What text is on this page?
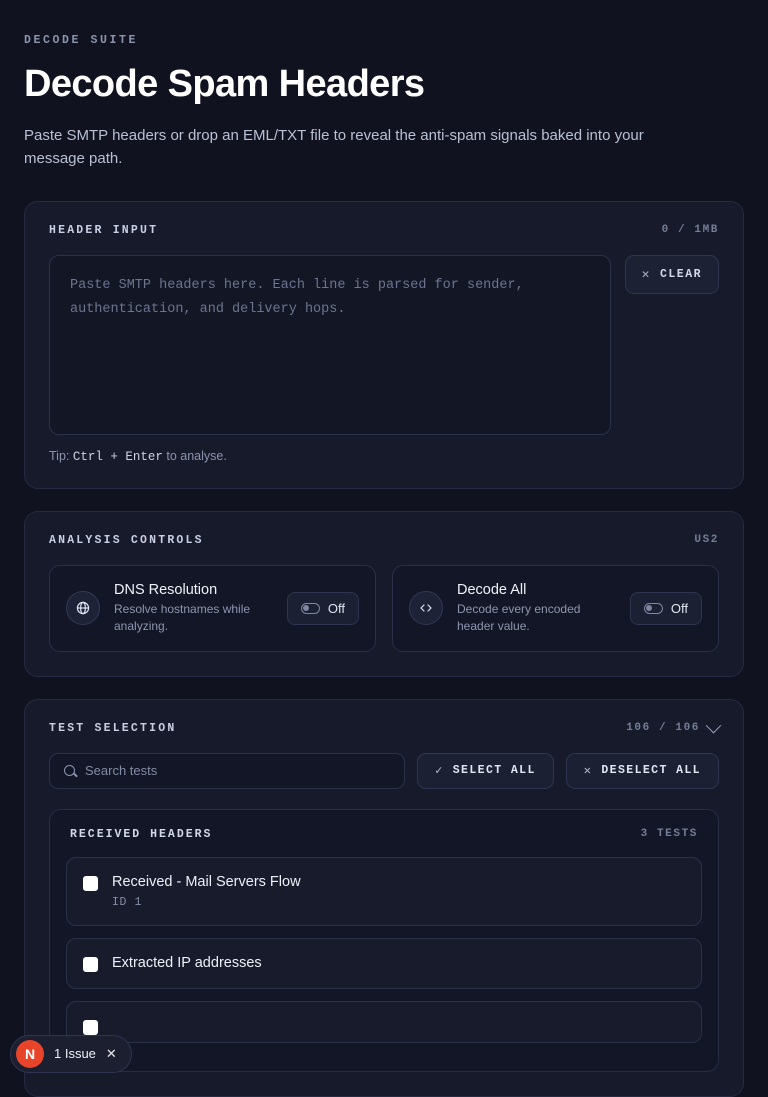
DECODE SUITE
Decode Spam Headers

Paste SMTP headers or drop an EML/TXT file to reveal the anti-spam signals baked into your message path.

HEADER INPUT	0 / 1MB
Paste SMTP headers here. Each line is parsed for sender, authentication, and delivery hops.
✕ CLEAR
Tip: Ctrl + Enter to analyse.
ANALYSIS CONTROLS	US2
DNS Resolution
Resolve hostnames while analyzing.
Off
Decode All
Decode every encoded header value.
Off
TEST SELECTION	106 / 106
Search tests
✓ SELECT ALL	✕ DESELECT ALL
RECEIVED HEADERS	3 TESTS
Received - Mail Servers Flow
ID 1
Extracted IP addresses
N	1 Issue ✕
